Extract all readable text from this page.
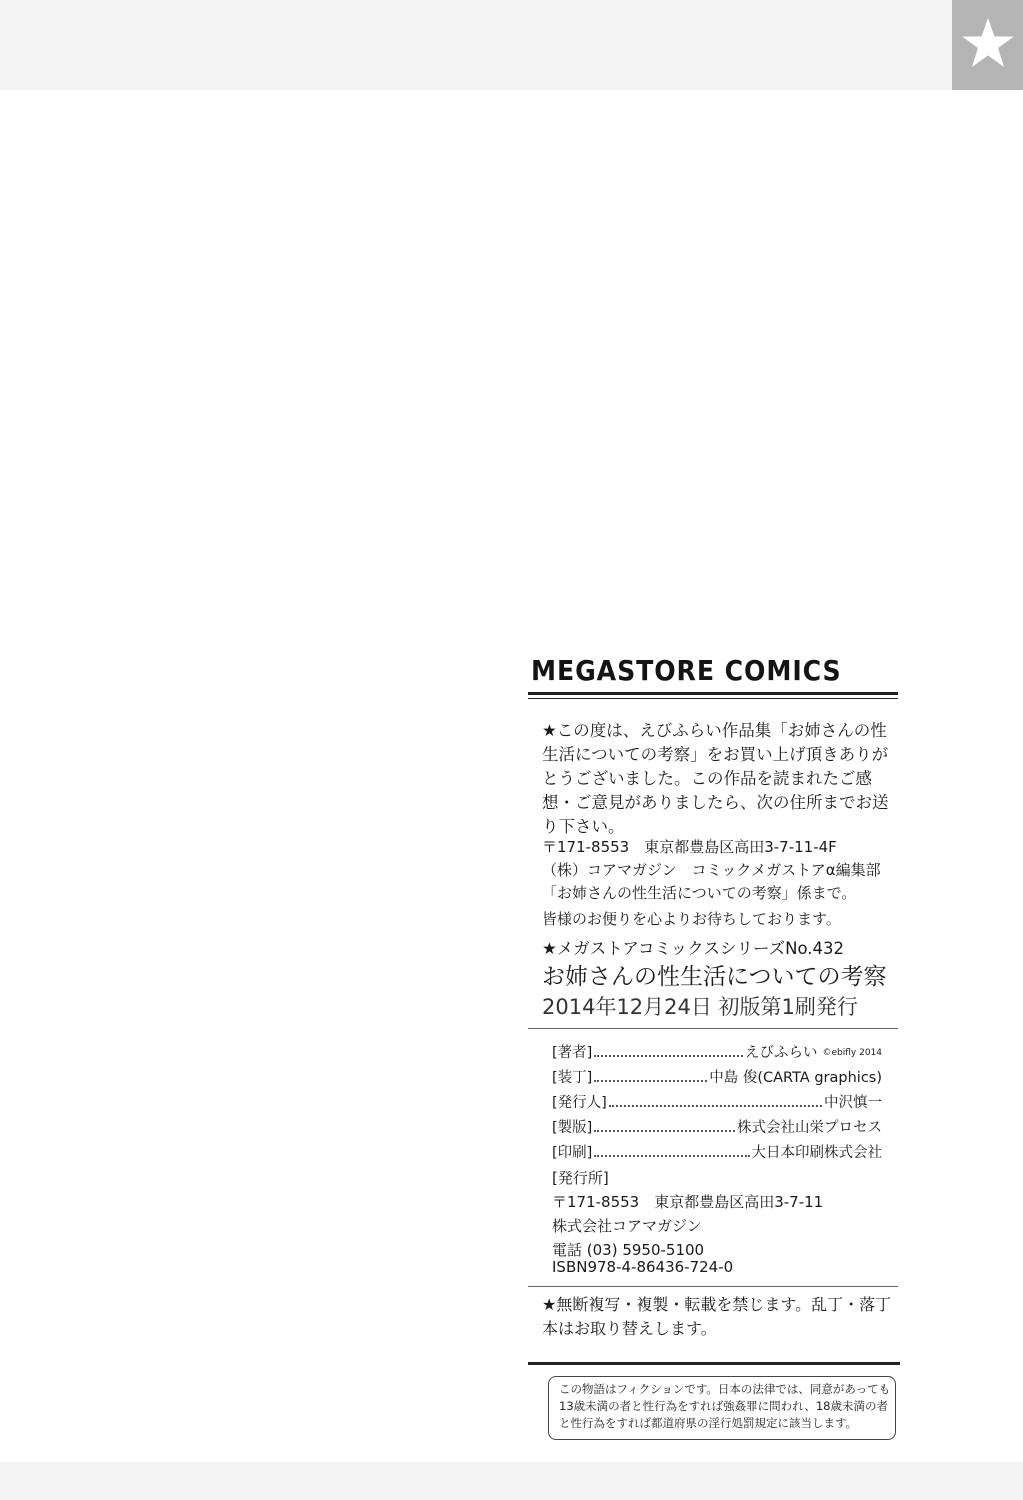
MEGASTORE COMICS
★この度は、えびふらい作品集「お姉さんの性
生活についての考察」をお買い上げ頂きありが
とうございました。この作品を読まれたご感
想・ご意見がありましたら、次の住所までお送
り下さい。
〒171-8553　東京都豊島区高田3-7-11-4F
（株）コアマガジン　コミックメガストアα編集部
「お姉さんの性生活についての考察」係まで。
皆様のお便りを心よりお待ちしております。
★メガストアコミックスシリーズNo.432
お姉さんの性生活についての考察
2014年12月24日 初版第1刷発行
[著者]	えびふらい ©ebifly 2014
[装丁]	中島 俊(CARTA graphics)
[発行人]	中沢慎一
[製版]	株式会社山栄プロセス
[印刷]	大日本印刷株式会社
[発行所]
〒171-8553　東京都豊島区高田3-7-11
株式会社コアマガジン
電話 (03) 5950-5100
ISBN978-4-86436-724-0
★無断複写・複製・転載を禁じます。乱丁・落丁
本はお取り替えします。
この物語はフィクションです。日本の法律では、同意があっても
13歳未満の者と性行為をすれば強姦罪に問われ、18歳未満の者
と性行為をすれば都道府県の淫行処罰規定に該当します。
